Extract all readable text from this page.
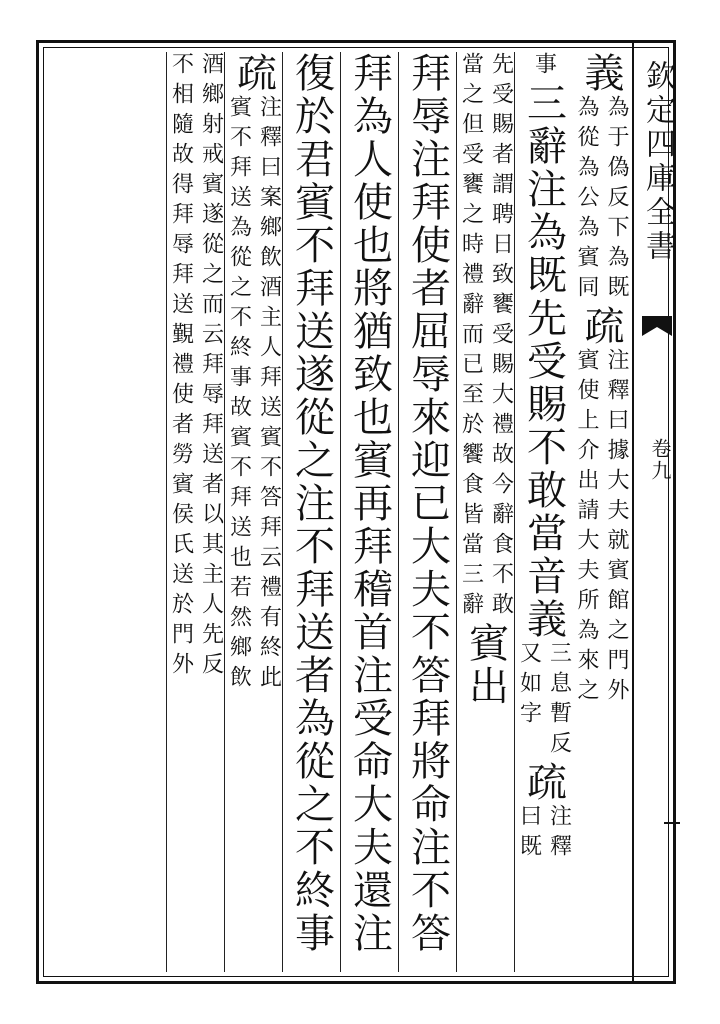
欽定四庫全書
卷九
義
為于偽反下為既
為從為公為賓同
疏
注釋曰據大夫就賓館之門外
賓使上介出請大夫所為來之
事
三辭注為既先受賜不敢當音義
三息暫反
又如字
疏
注釋
曰既
先受賜者謂聘日致饔受賜大禮故今辭食不敢
當之但受饔之時禮辭而已至於饗食皆當三辭
賓出
拜辱注拜使者屈辱來迎已大夫不答拜將命注不答
拜為人使也將猶致也賓再拜稽首注受命大夫還注
復於君賓不拜送遂從之注不拜送者為從之不終事
疏
注釋曰案鄉飲酒主人拜送賓不答拜云禮有終此
賓不拜送為從之不終事故賓不拜送也若然鄉飲
酒鄉射戒賓遂從之而云拜辱拜送者以其主人先反
不相隨故得拜辱拜送覲禮使者勞賓侯氏送於門外
